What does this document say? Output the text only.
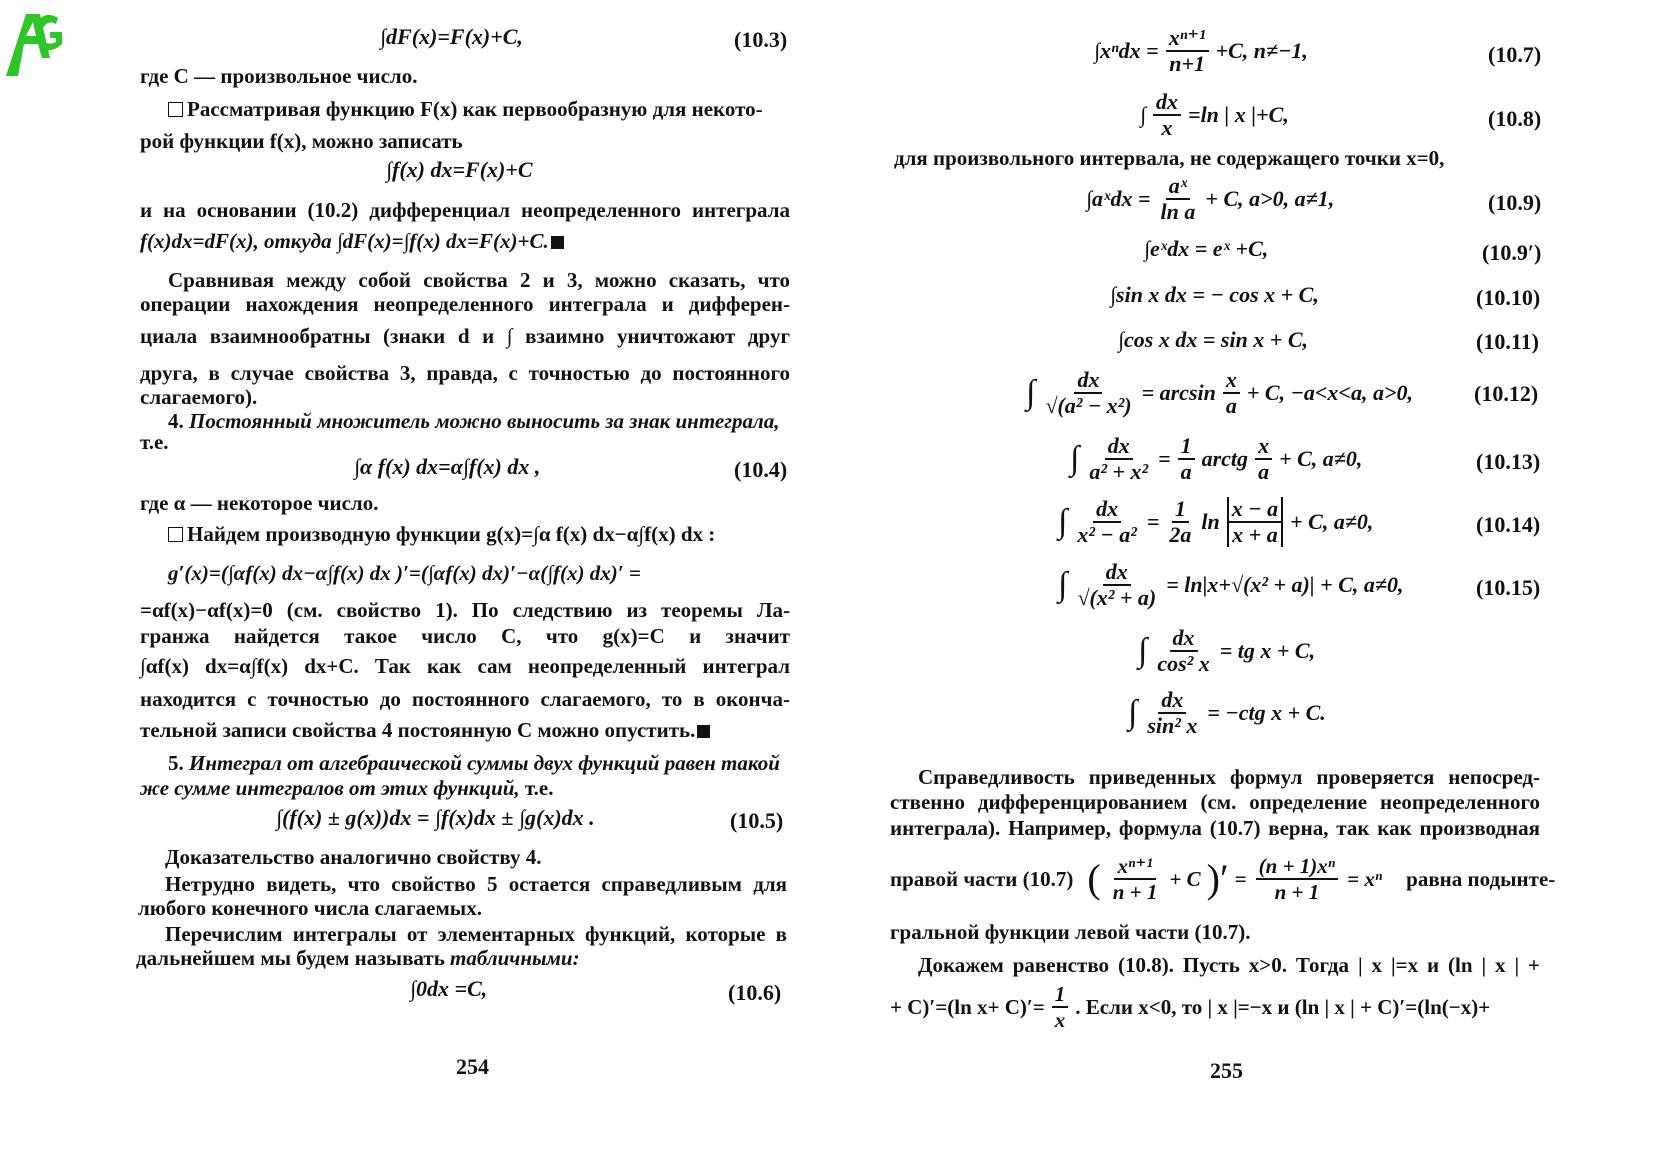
∫dF(x)=F(x)+C,	(10.3)
где C — произвольное число.
Рассматривая функцию F(x) как первообразную для некото-
рой функции f(x), можно записать
∫f(x) dx=F(x)+C
и на основании (10.2) дифференциал неопределенного интеграла
f(x)dx=dF(x), откуда ∫dF(x)=∫f(x) dx=F(x)+C.
Сравнивая между собой свойства 2 и 3, можно сказать, что
операции нахождения неопределенного интеграла и дифферен-
циала взаимнообратны (знаки d и ∫ взаимно уничтожают друг
друга, в случае свойства 3, правда, с точностью до постоянного
слагаемого).
4. Постоянный множитель можно выносить за знак интеграла,
т.е.
∫α f(x) dx=α∫f(x) dx ,	(10.4)
где α — некоторое число.
Найдем производную функции g(x)=∫α f(x) dx−α∫f(x) dx :
g′(x)=(∫αf(x) dx−α∫f(x) dx )′=(∫αf(x) dx)′−α(∫f(x) dx)′ =
=αf(x)−αf(x)=0 (см. свойство 1). По следствию из теоремы Ла-
гранжа найдется такое число C, что g(x)=C и значит
∫αf(x) dx=α∫f(x) dx+C. Так как сам неопределенный интеграл
находится с точностью до постоянного слагаемого, то в оконча-
тельной записи свойства 4 постоянную C можно опустить.
5. Интеграл от алгебраической суммы двух функций равен такой
же сумме интегралов от этих функций, т.е.
∫(f(x) ± g(x))dx = ∫f(x)dx ± ∫g(x)dx .	(10.5)
Доказательство аналогично свойству 4.
Нетрудно видеть, что свойство 5 остается справедливым для
любого конечного числа слагаемых.
Перечислим интегралы от элементарных функций, которые в
дальнейшем мы будем называть табличными:
∫0dx =C,	(10.6)
254
$\int x^ndx = \frac{\text{xⁿ⁺¹}}{n+1} +C$, n≠−1,	(10.7)
∫ $\frac{dx}{x} =\ln$ | x |+C,	(10.8)
для произвольного интервала, не содержащего точки x=0,
∫aˣdx = $\frac{\text{aˣ}}{\text{ln a}} + C$, a>0, a≠1,	(10.9)
∫eˣdx = eˣ +C,	(10.9′)
∫sin x dx = − cos x + C,	(10.10)
∫cos x dx = sin x + C,	(10.11)
∫ $\frac{dx}{\text{√(a² − x²)}} = \arcsin \frac{x}{a} + C$, −a<x<a, a>0,	(10.12)
∫ $\frac{dx}{\text{a² + x²}} = \frac{1}{a}$ arctg $\frac{x}{a} + C$, a≠0,	(10.13)
∫ $\frac{dx}{\text{x² − a²}} = \frac{1}{2a}$ $\ln \frac{x - a}{x + a} + C$, a≠0,	(10.14)
∫ $\frac{dx}{\text{√(x² + a)}} = \ln|x+√(x^2 + a)| + C$, a≠0,	(10.15)
∫ $\frac{dx}{\text{cos² x}}$ = tg x + C,
∫ $\frac{dx}{\text{sin² x}} = -ctg$ x + C.
Справедливость приведенных формул проверяется непосред-
ственно дифференцированием (см. определение неопределенного
интеграла). Например, формула (10.7) верна, так как производная
правой части (10.7) ( $\frac{\text{xⁿ⁺¹}}{n + 1} + C$ )′ = $\frac{\text{(n + 1)xⁿ}}{n + 1} = x^n$ равна подынте-
гральной функции левой части (10.7).
Докажем равенство (10.8). Пусть x>0. Тогда | x |=x и (ln | x | +
+ C)′=(ln $x+ C)'= \frac{1}{x}$ . Если x<0, то | x |=−x и (ln | x | + C)′=(ln(−x)+
255
